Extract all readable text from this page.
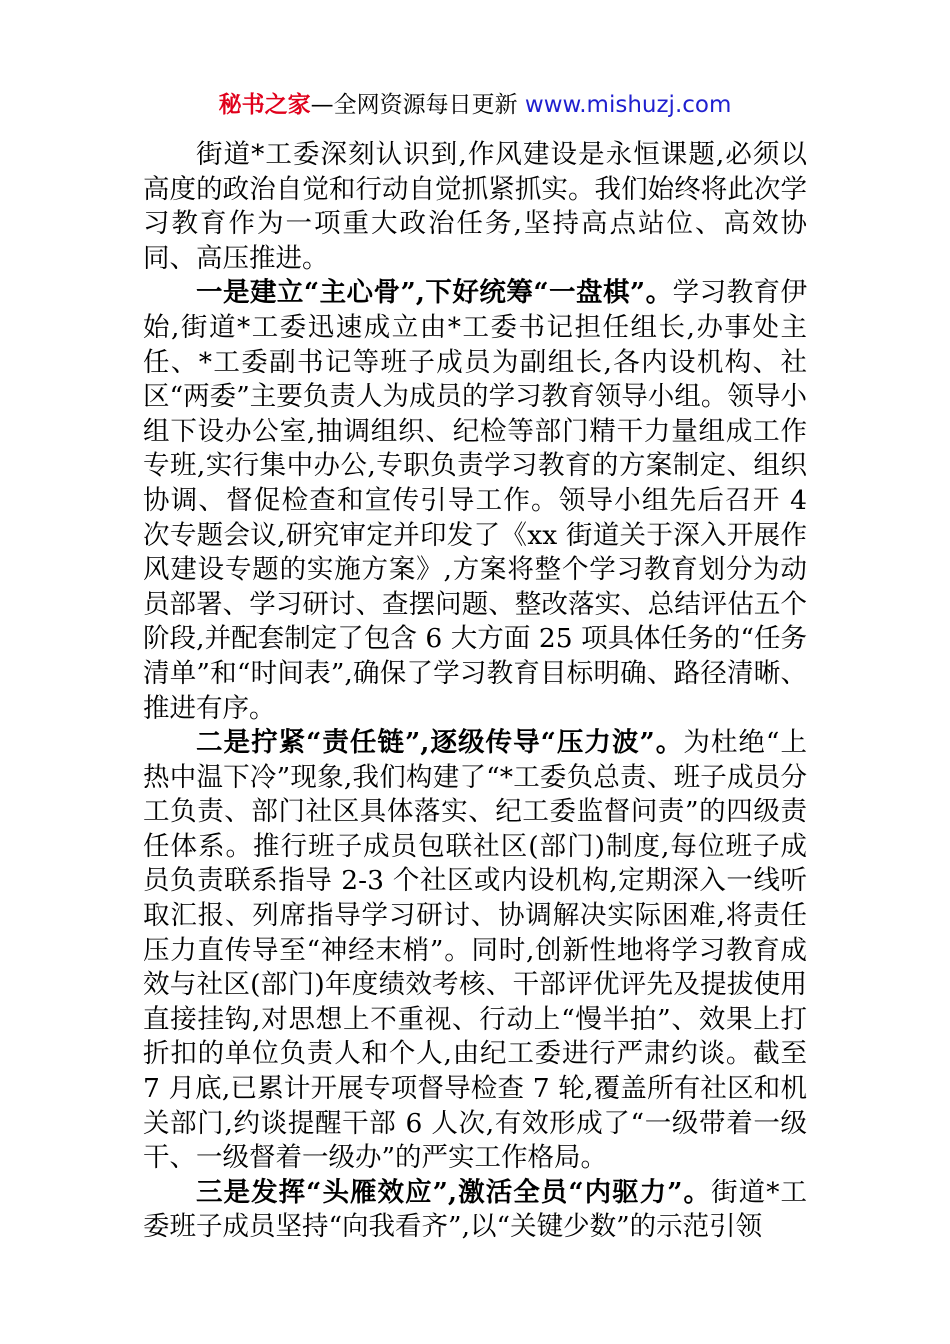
秘书之家—全网资源每日更新 www.mishuzj.com

街道*工委深刻认识到,作风建设是永恒课题,必须以高度的政治自觉和行动自觉抓紧抓实。我们始终将此次学习教育作为一项重大政治任务,坚持高点站位、高效协同、高压推进。

一是建立“主心骨”,下好统筹“一盘棋”。学习教育伊始,街道*工委迅速成立由*工委书记担任组长,办事处主任、*工委副书记等班子成员为副组长,各内设机构、社区“两委”主要负责人为成员的学习教育领导小组。领导小组下设办公室,抽调组织、纪检等部门精干力量组成工作专班,实行集中办公,专职负责学习教育的方案制定、组织协调、督促检查和宣传引导工作。领导小组先后召开 4 次专题会议,研究审定并印发了《xx 街道关于深入开展作风建设专题的实施方案》,方案将整个学习教育划分为动员部署、学习研讨、查摆问题、整改落实、总结评估五个阶段,并配套制定了包含 6 大方面 25 项具体任务的“任务清单”和“时间表”,确保了学习教育目标明确、路径清晰、推进有序。

二是拧紧“责任链”,逐级传导“压力波”。为杜绝“上热中温下冷”现象,我们构建了“*工委负总责、班子成员分工负责、部门社区具体落实、纪工委监督问责”的四级责任体系。推行班子成员包联社区(部门)制度,每位班子成员负责联系指导 2-3 个社区或内设机构,定期深入一线听取汇报、列席指导学习研讨、协调解决实际困难,将责任压力直传导至“神经末梢”。同时,创新性地将学习教育成效与社区(部门)年度绩效考核、干部评优评先及提拔使用直接挂钩,对思想上不重视、行动上“慢半拍”、效果上打折扣的单位负责人和个人,由纪工委进行严肃约谈。截至 7 月底,已累计开展专项督导检查 7 轮,覆盖所有社区和机关部门,约谈提醒干部 6 人次,有效形成了“一级带着一级干、一级督着一级办”的严实工作格局。

三是发挥“头雁效应”,激活全员“内驱力”。街道*工委班子成员坚持“向我看齐”,以“关键少数”的示范引领
